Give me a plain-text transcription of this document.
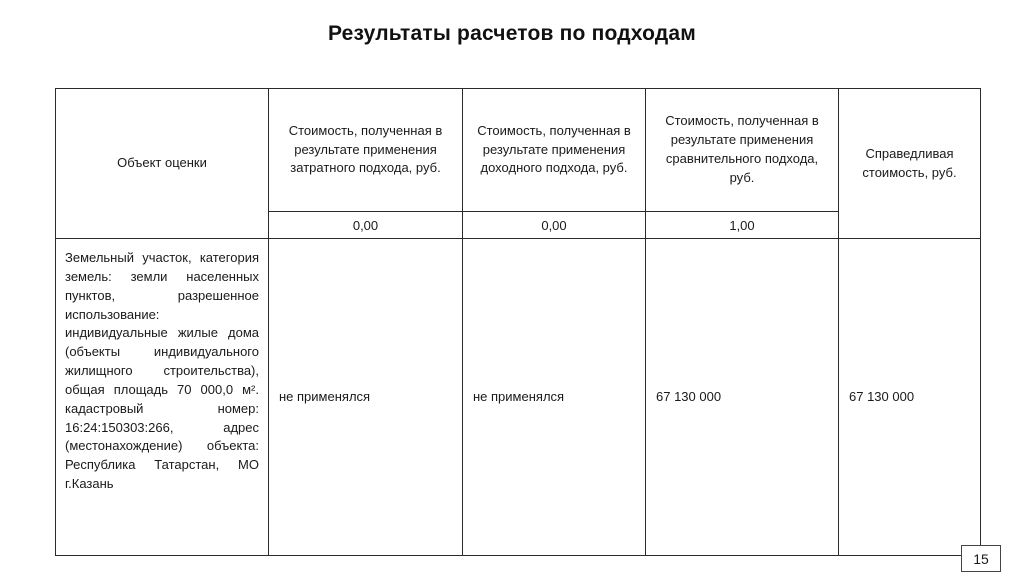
Результаты расчетов по подходам
Объект оценки	Стоимость, полученная в результате применения затратного подхода, руб.	Стоимость, полученная в результате применения доходного подхода, руб.	Стоимость, полученная в результате применения сравнительного подхода, руб.	Справедливая стоимость, руб.
	0,00	0,00	1,00	
Земельный участок, категория земель: земли населенных пунктов, разрешенное использование: индивидуальные жилые дома (объекты индивидуального жилищного строительства), общая площадь 70 000,0 м². кадастровый номер: 16:24:150303:266, адрес (местонахождение) объекта: Республика Татарстан, МО г.Казань	не применялся	не применялся	67 130 000	67 130 000
15
